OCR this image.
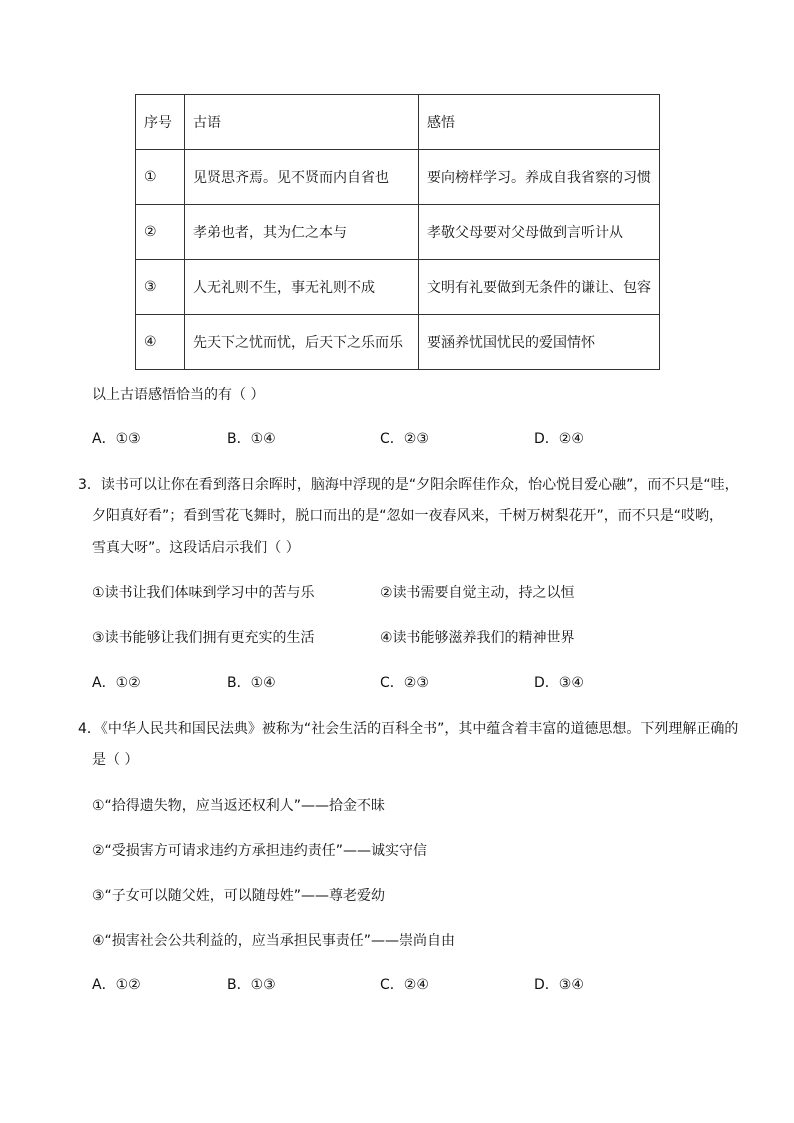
序号	古语	感悟
①	见贤思齐焉。见不贤而内自省也	要向榜样学习。养成自我省察的习惯
②	孝弟也者，其为仁之本与	孝敬父母要对父母做到言听计从
③	人无礼则不生，事无礼则不成	文明有礼要做到无条件的谦让、包容
④	先天下之忧而忧，后天下之乐而乐	要涵养忧国忧民的爱国情怀
以上古语感悟恰当的有（ ）
A．①③	B．①④	C．②③	D．②④
3．读书可以让你在看到落日余晖时，脑海中浮现的是“夕阳余晖佳作众，怡心悦目爱心融”，而不只是“哇，
夕阳真好看”；看到雪花飞舞时，脱口而出的是“忽如一夜春风来，千树万树梨花开”，而不只是“哎哟，
雪真大呀”。这段话启示我们（ ）
①读书让我们体味到学习中的苦与乐	②读书需要自觉主动，持之以恒
③读书能够让我们拥有更充实的生活	④读书能够滋养我们的精神世界
A．①②	B．①④	C．②③	D．③④
4．《中华人民共和国民法典》被称为“社会生活的百科全书”，其中蕴含着丰富的道德思想。下列理解正确的
是（ ）
①“拾得遗失物，应当返还权利人”——拾金不昧
②“受损害方可请求违约方承担违约责任”——诚实守信
③“子女可以随父姓，可以随母姓”——尊老爱幼
④“损害社会公共利益的，应当承担民事责任”——崇尚自由
A．①②	B．①③	C．②④	D．③④
